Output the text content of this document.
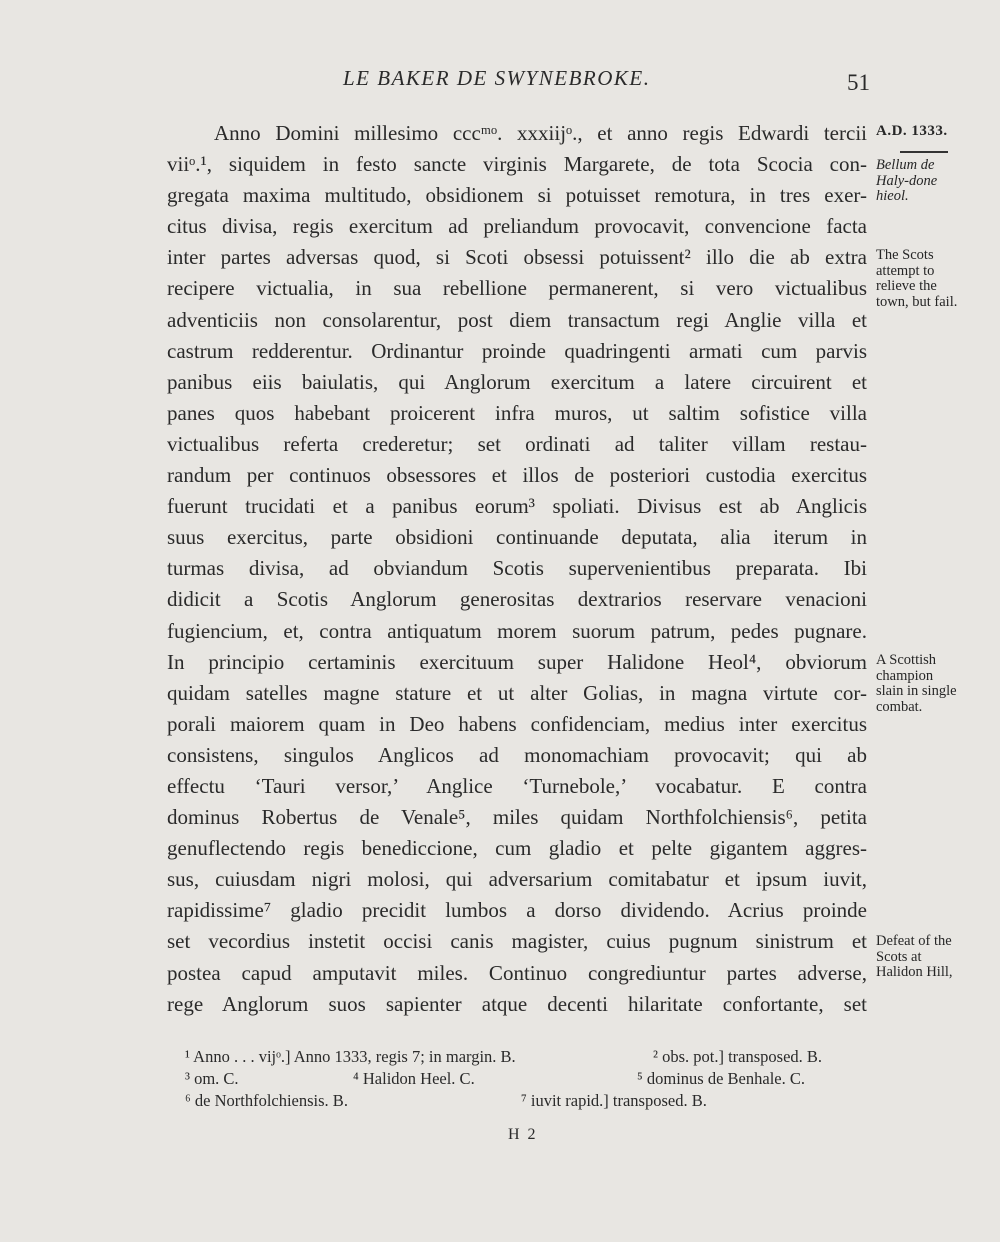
LE BAKER DE SWYNEBROKE.	51
Anno Domini millesimo cccᵐᵒ. xxxiijᵒ., et anno regis Edwardi tercii
viiᵒ.¹, siquidem in festo sancte virginis Margarete, de tota Scocia con-
gregata maxima multitudo, obsidionem si potuisset remotura, in tres exer-
citus divisa, regis exercitum ad preliandum provocavit, convencione facta
inter partes adversas quod, si Scoti obsessi potuissent² illo die ab extra
recipere victualia, in sua rebellione permanerent, si vero victualibus
adventiciis non consolarentur, post diem transactum regi Anglie villa et
castrum redderentur. Ordinantur proinde quadringenti armati cum parvis
panibus eiis baiulatis, qui Anglorum exercitum a latere circuirent et
panes quos habebant proicerent infra muros, ut saltim sofistice villa
victualibus referta crederetur; set ordinati ad taliter villam restau-
randum per continuos obsessores et illos de posteriori custodia exercitus
fuerunt trucidati et a panibus eorum³ spoliati. Divisus est ab Anglicis
suus exercitus, parte obsidioni continuande deputata, alia iterum in
turmas divisa, ad obviandum Scotis supervenientibus preparata. Ibi
didicit a Scotis Anglorum generositas dextrarios reservare venacioni
fugiencium, et, contra antiquatum morem suorum patrum, pedes pugnare.
In principio certaminis exercituum super Halidone Heol⁴, obviorum
quidam satelles magne stature et ut alter Golias, in magna virtute cor-
porali maiorem quam in Deo habens confidenciam, medius inter exercitus
consistens, singulos Anglicos ad monomachiam provocavit; qui ab
effectu ‘Tauri versor,’ Anglice ‘Turnebole,’ vocabatur. E contra
dominus Robertus de Venale⁵, miles quidam Northfolchiensis⁶, petita
genuflectendo regis benediccione, cum gladio et pelte gigantem aggres-
sus, cuiusdam nigri molosi, qui adversarium comitabatur et ipsum iuvit,
rapidissime⁷ gladio precidit lumbos a dorso dividendo. Acrius proinde
set vecordius instetit occisi canis magister, cuius pugnum sinistrum et
postea capud amputavit miles. Continuo congrediuntur partes adverse,
rege Anglorum suos sapienter atque decenti hilaritate confortante, set
A.D. 1333.
Bellum de Haly-done hieol.
The Scots attempt to relieve the town, but fail.
A Scottish champion slain in single combat.
Defeat of the Scots at Halidon Hill,
¹ Anno . . . vijᵒ.] Anno 1333, regis 7; in margin. B.	² obs. pot.] transposed. B.
³ om. C.	⁴ Halidon Heel. C.	⁵ dominus de Benhale. C.
⁶ de Northfolchiensis. B.	⁷ iuvit rapid.] transposed. B.
H 2
